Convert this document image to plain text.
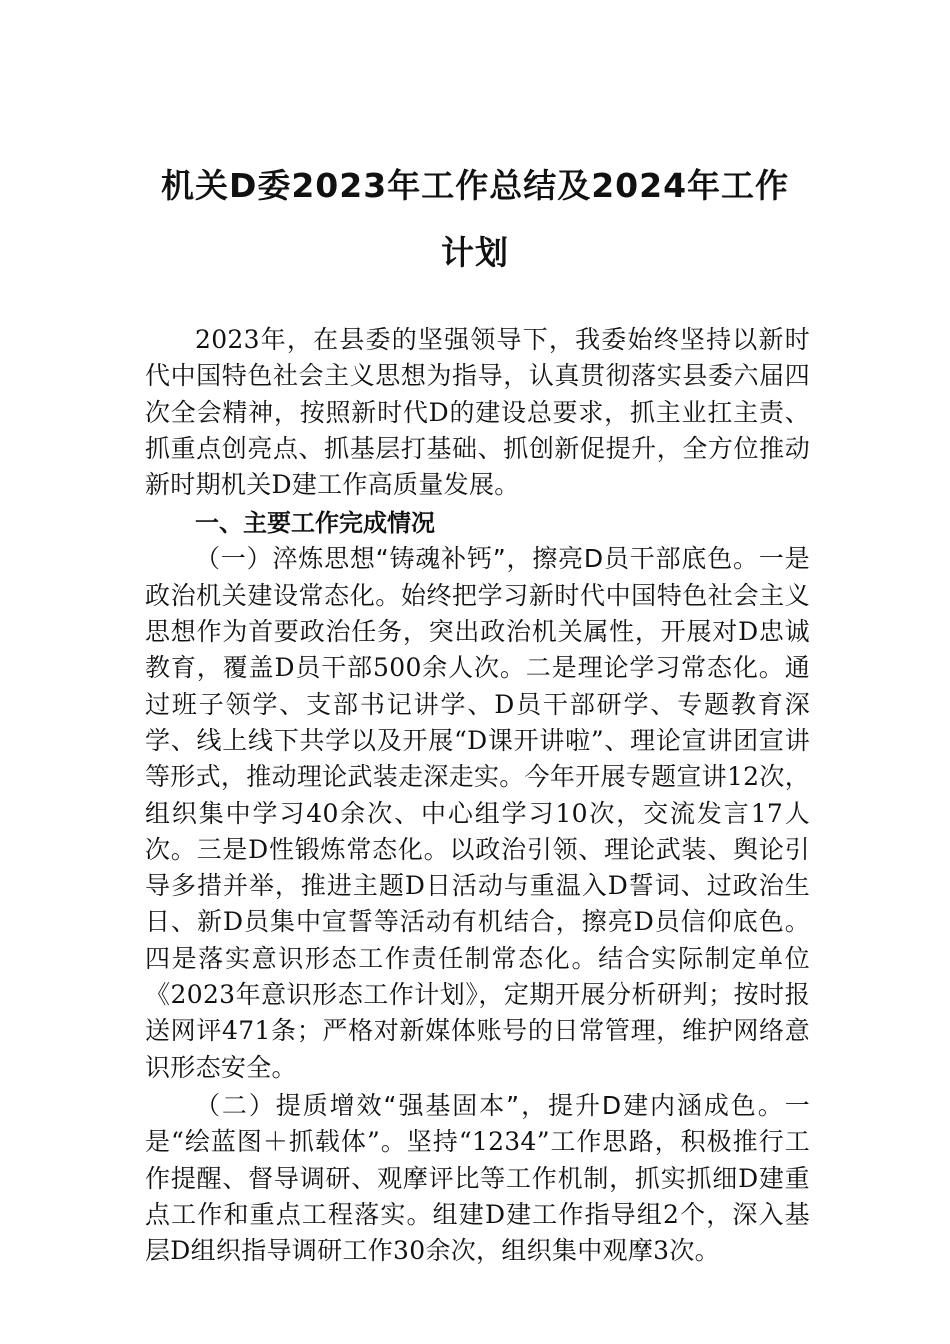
机关D委2023年工作总结及2024年工作
计划

2023年，在县委的坚强领导下，我委始终坚持以新时代中国特色社会主义思想为指导，认真贯彻落实县委六届四次全会精神，按照新时代D的建设总要求，抓主业扛主责、抓重点创亮点、抓基层打基础、抓创新促提升，全方位推动新时期机关D建工作高质量发展。

一、主要工作完成情况

（一）淬炼思想“铸魂补钙”，擦亮D员干部底色。一是政治机关建设常态化。始终把学习新时代中国特色社会主义思想作为首要政治任务，突出政治机关属性，开展对D忠诚教育，覆盖D员干部500余人次。二是理论学习常态化。通过班子领学、支部书记讲学、D员干部研学、专题教育深学、线上线下共学以及开展“D课开讲啦”、理论宣讲团宣讲等形式，推动理论武装走深走实。今年开展专题宣讲12次，组织集中学习40余次、中心组学习10次，交流发言17人次。三是D性锻炼常态化。以政治引领、理论武装、舆论引导多措并举，推进主题D日活动与重温入D誓词、过政治生日、新D员集中宣誓等活动有机结合，擦亮D员信仰底色。四是落实意识形态工作责任制常态化。结合实际制定单位《2023年意识形态工作计划》，定期开展分析研判；按时报送网评471条；严格对新媒体账号的日常管理，维护网络意识形态安全。

（二）提质增效“强基固本”，提升D建内涵成色。一是“绘蓝图＋抓载体”。坚持“1234”工作思路，积极推行工作提醒、督导调研、观摩评比等工作机制，抓实抓细D建重点工作和重点工程落实。组建D建工作指导组2个，深入基层D组织指导调研工作30余次，组织集中观摩3次。
